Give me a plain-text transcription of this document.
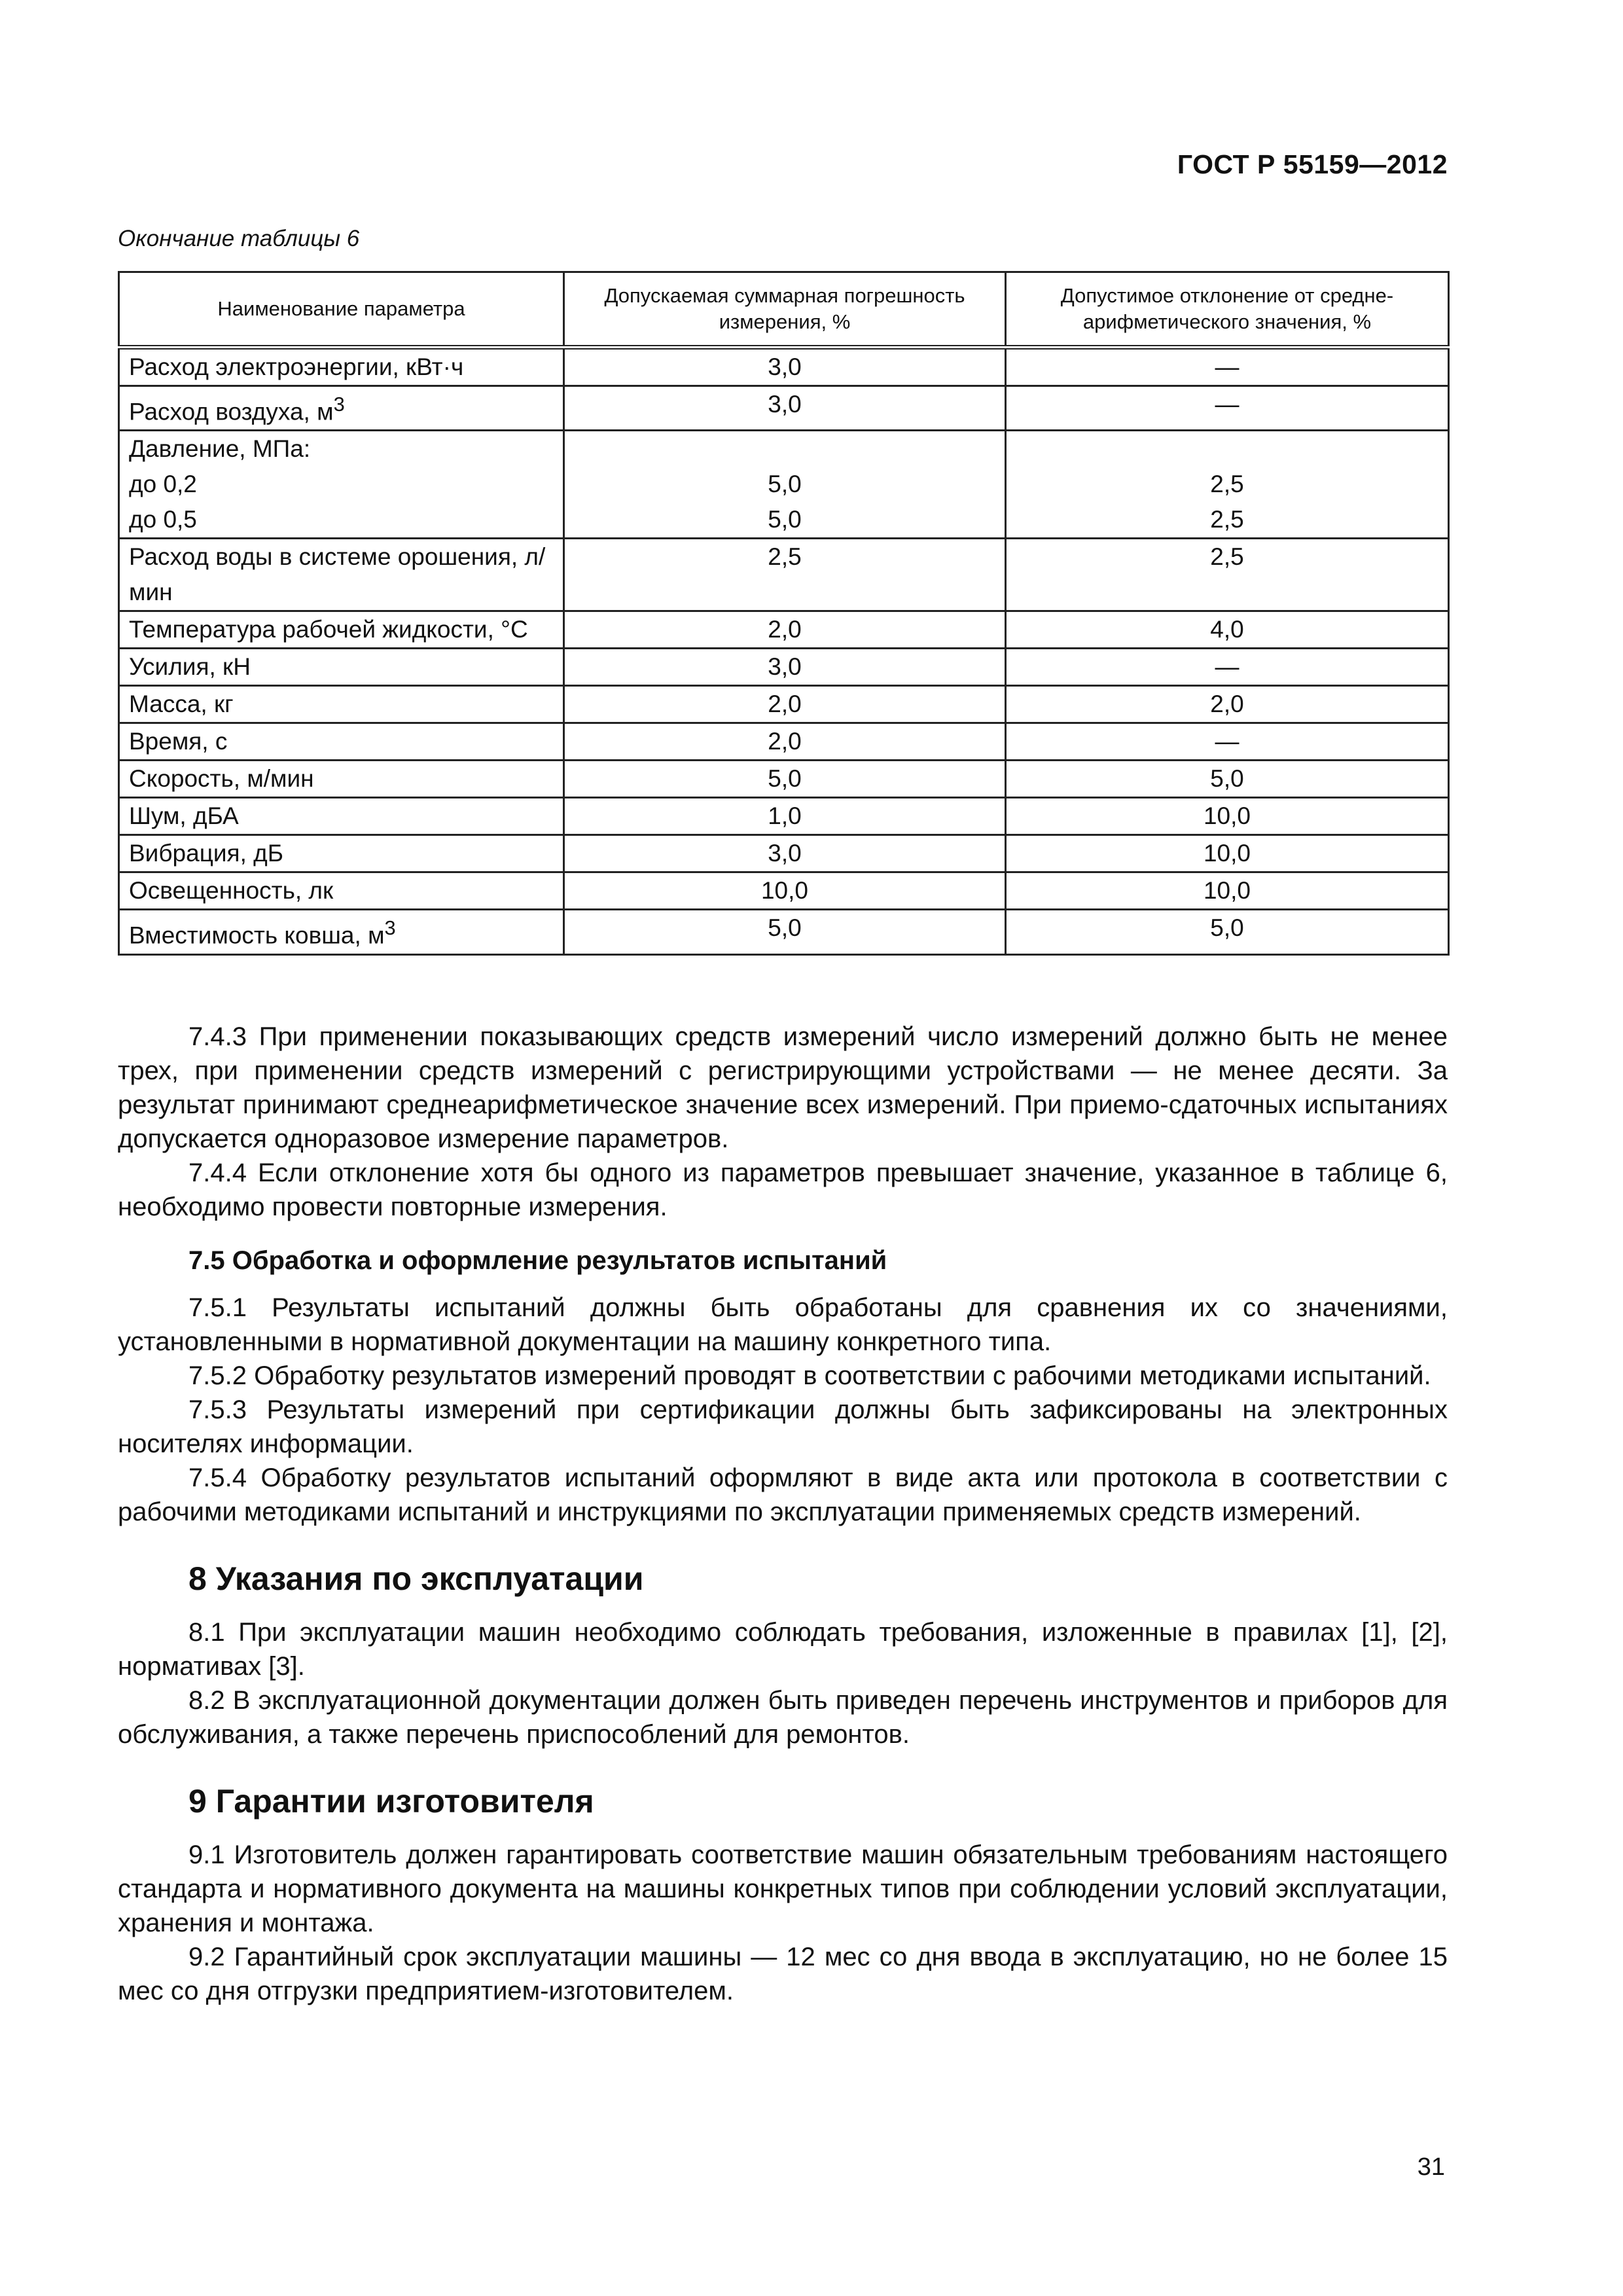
ГОСТ Р 55159—2012
Окончание таблицы 6
Наименование параметра	Допускаемая суммарная погрешность измерения, %	Допустимое отклонение от средне-арифметического значения, %
Расход электроэнергии, кВт·ч	3,0	—
Расход воздуха, $м^3$	3,0	—
Давление, МПа:		
до 0,2	5,0	2,5
до 0,5	5,0	2,5
Расход воды в системе орошения, л/мин	2,5	2,5
Температура рабочей жидкости, °С	2,0	4,0
Усилия, кН	3,0	—
Масса, кг	2,0	2,0
Время, с	2,0	—
Скорость, м/мин	5,0	5,0
Шум, дБА	1,0	10,0
Вибрация, дБ	3,0	10,0
Освещенность, лк	10,0	10,0
Вместимость ковша, $м^3$	5,0	5,0

7.4.3 При применении показывающих средств измерений число измерений должно быть не менее трех, при применении средств измерений с регистрирующими устройствами — не менее десяти. За результат принимают среднеарифметическое значение всех измерений. При приемо-сдаточных испытаниях допускается одноразовое измерение параметров.

7.4.4 Если отклонение хотя бы одного из параметров превышает значение, указанное в таблице 6, необходимо провести повторные измерения.

7.5 Обработка и оформление результатов испытаний

7.5.1 Результаты испытаний должны быть обработаны для сравнения их со значениями, установленными в нормативной документации на машину конкретного типа.

7.5.2 Обработку результатов измерений проводят в соответствии с рабочими методиками испытаний.

7.5.3 Результаты измерений при сертификации должны быть зафиксированы на электронных носителях информации.

7.5.4 Обработку результатов испытаний оформляют в виде акта или протокола в соответствии с рабочими методиками испытаний и инструкциями по эксплуатации применяемых средств измерений.

8 Указания по эксплуатации

8.1 При эксплуатации машин необходимо соблюдать требования, изложенные в правилах [1], [2], нормативах [3].

8.2 В эксплуатационной документации должен быть приведен перечень инструментов и приборов для обслуживания, а также перечень приспособлений для ремонтов.

9 Гарантии изготовителя

9.1 Изготовитель должен гарантировать соответствие машин обязательным требованиям настоящего стандарта и нормативного документа на машины конкретных типов при соблюдении условий эксплуатации, хранения и монтажа.

9.2 Гарантийный срок эксплуатации машины — 12 мес со дня ввода в эксплуатацию, но не более 15 мес со дня отгрузки предприятием-изготовителем.

31
